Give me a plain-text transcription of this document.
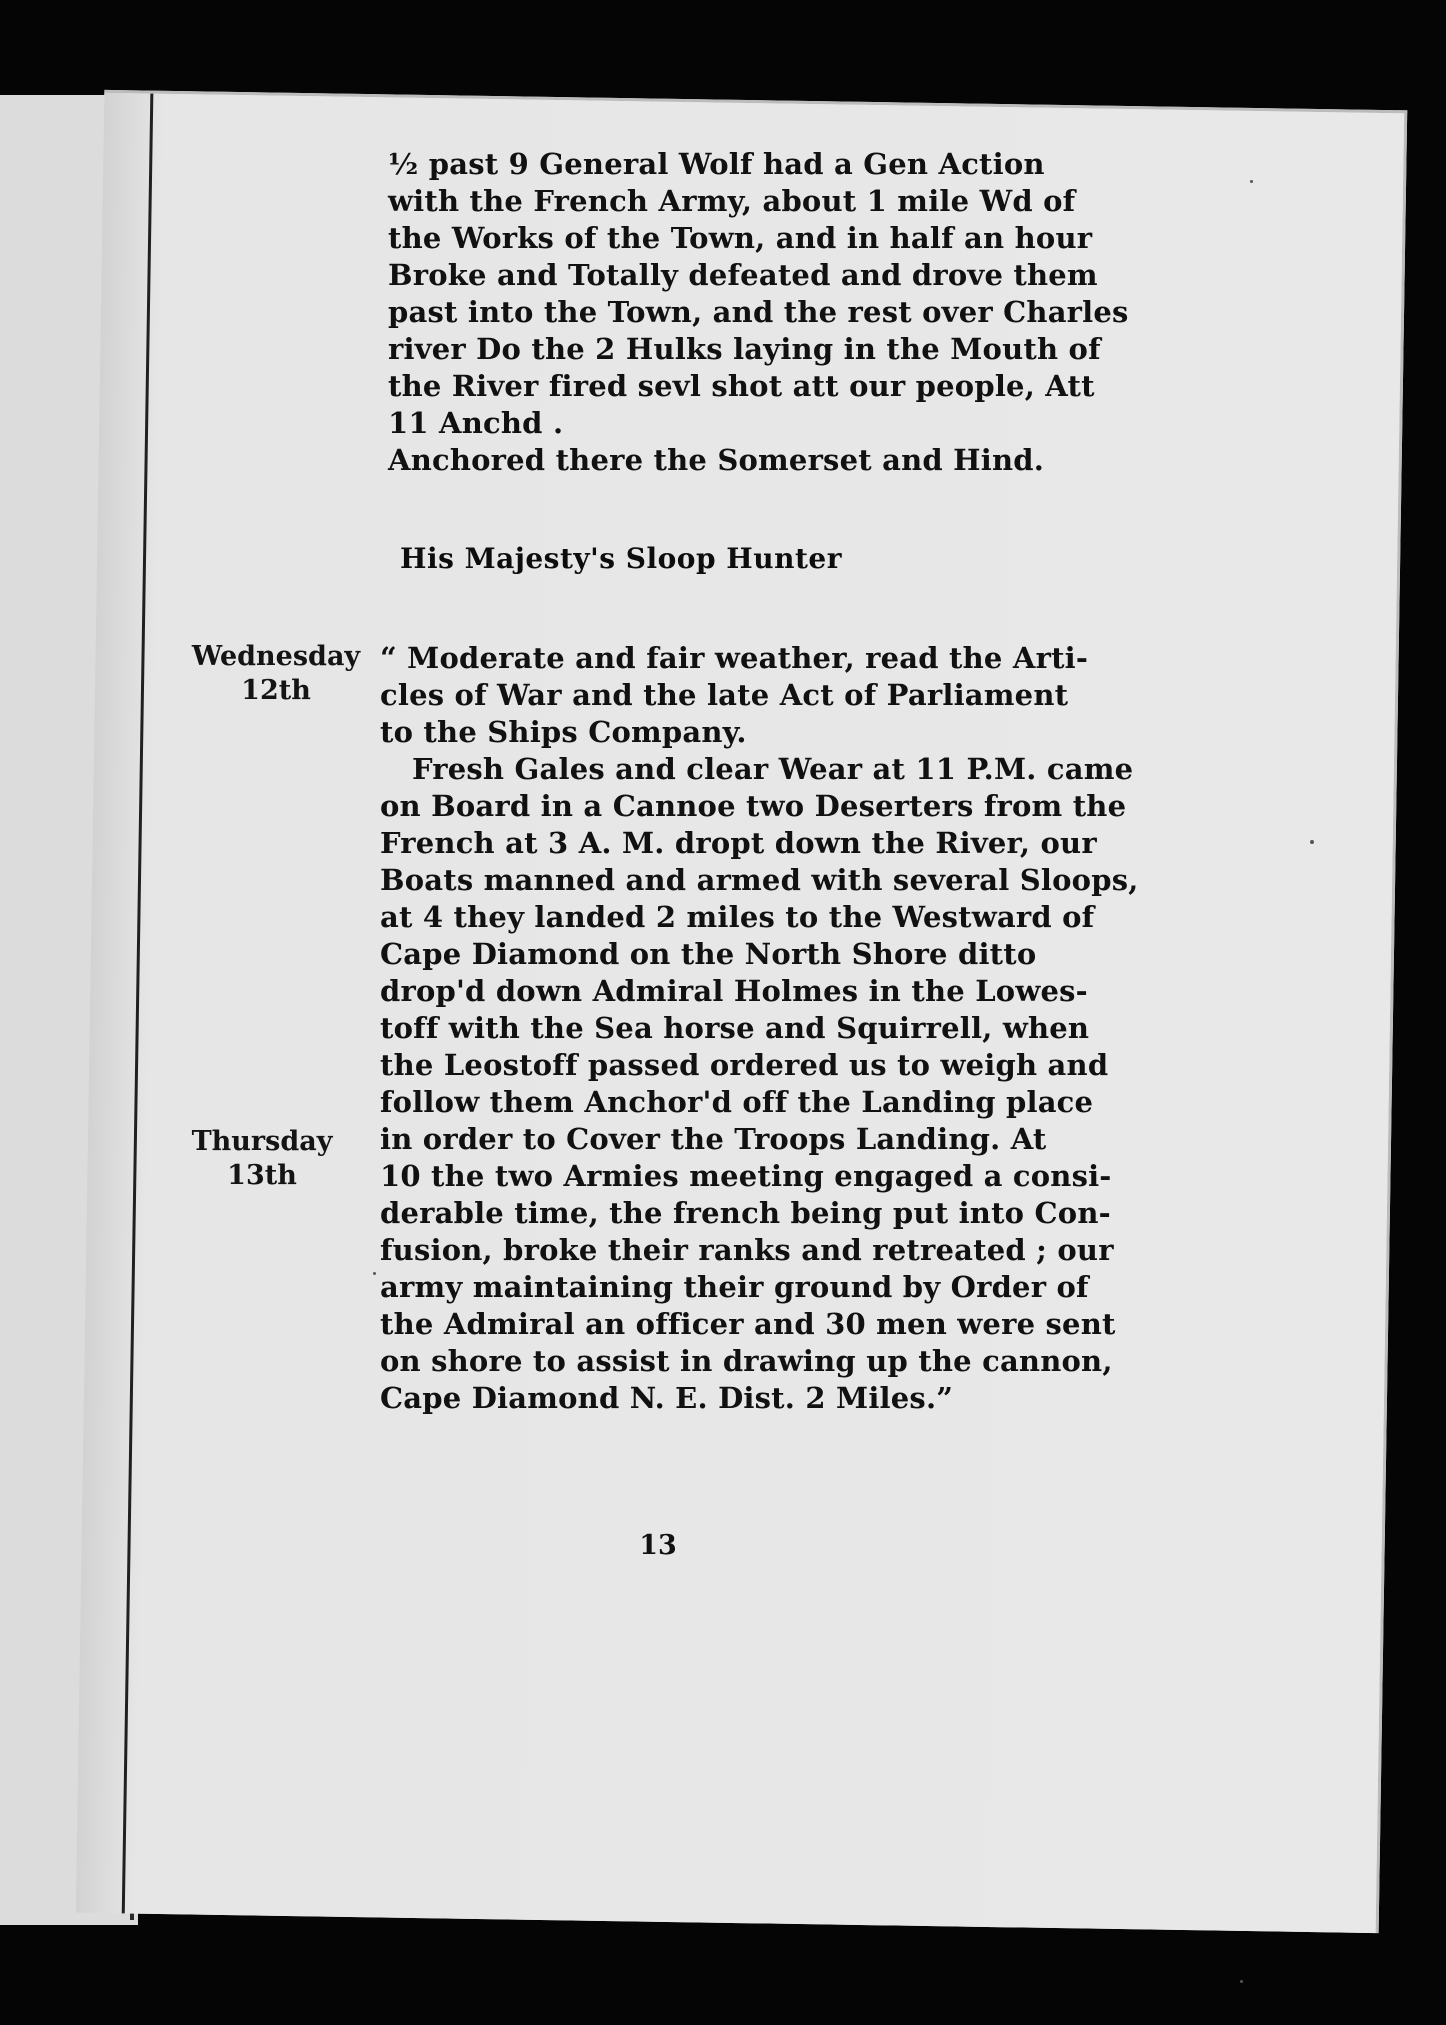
½ past 9 General Wolf had a Gen Action
with the French Army, about 1 mile Wd of
the Works of the Town, and in half an hour
Broke and Totally defeated and drove them
past into the Town, and the rest over Charles
river Do the 2 Hulks laying in the Mouth of
the River fired sevl shot att our people, Att
11 Anchd .
Anchored there the Somerset and Hind.
His Majesty's Sloop Hunter
Wednesday
12th
Thursday
13th
“ Moderate and fair weather, read the Arti-
cles of War and the late Act of Parliament
to the Ships Company.
Fresh Gales and clear Wear at 11 P.M. came
on Board in a Cannoe two Deserters from the
French at 3 A. M. dropt down the River, our
Boats manned and armed with several Sloops,
at 4 they landed 2 miles to the Westward of
Cape Diamond on the North Shore ditto
drop'd down Admiral Holmes in the Lowes-
toff with the Sea horse and Squirrell, when
the Leostoff passed ordered us to weigh and
follow them Anchor'd off the Landing place
in order to Cover the Troops Landing. At
10 the two Armies meeting engaged a consi-
derable time, the french being put into Con-
fusion, broke their ranks and retreated ; our
army maintaining their ground by Order of
the Admiral an officer and 30 men were sent
on shore to assist in drawing up the cannon,
Cape Diamond N. E. Dist. 2 Miles.”
13
